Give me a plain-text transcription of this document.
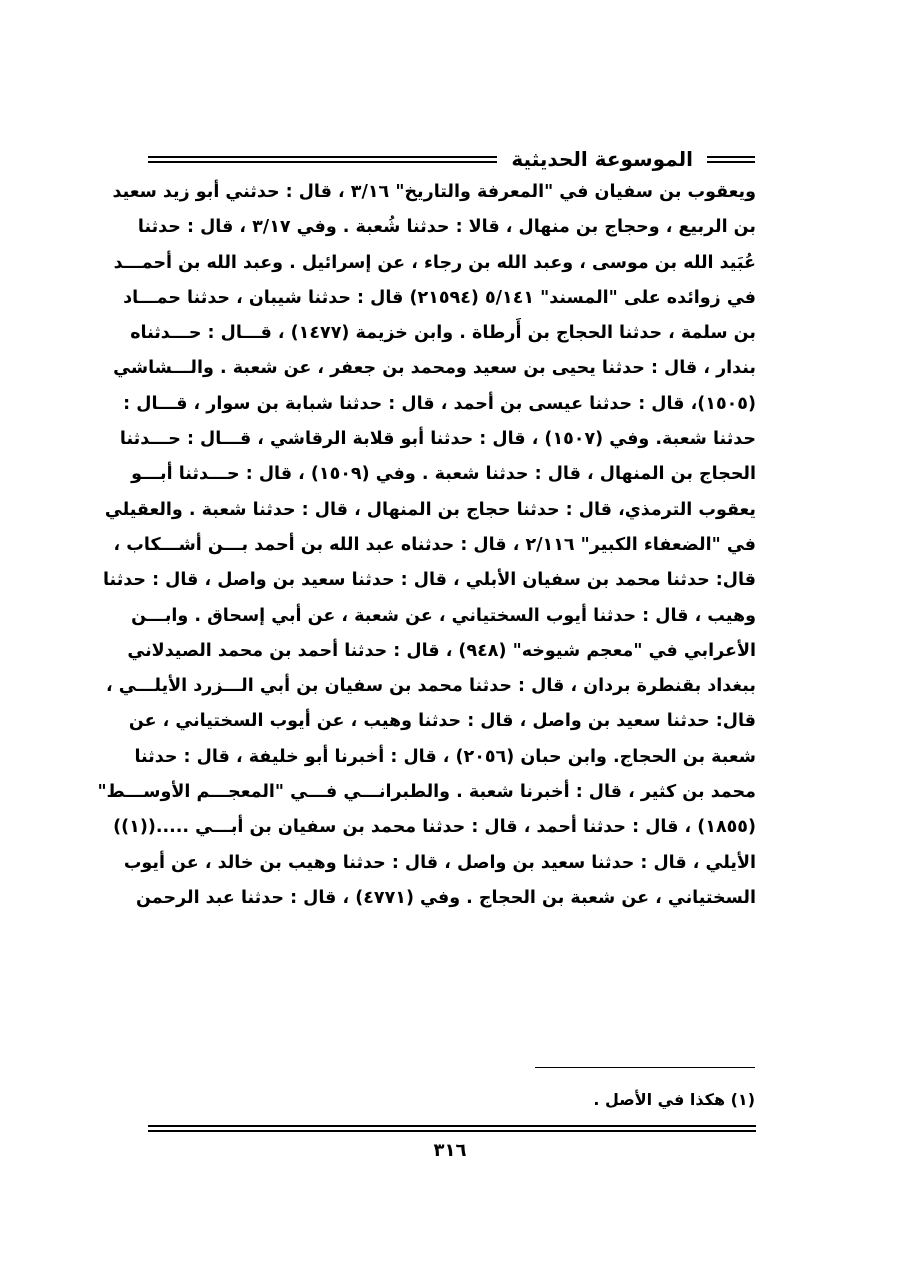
الموسوعة الحديثية
ويعقوب بن سفيان في "المعرفة والتاريخ" ٣/١٦ ، قال : حدثني أبو زيد سعيد
بن الربيع ، وحجاج بن منهال ، قالا : حدثنا شُعبة . وفي ٣/١٧ ، قال : حدثنا
عُبَيد الله بن موسى ، وعبد الله بن رجاء ، عن إسرائيل . وعبد الله بن أحمـــد
في زوائده على "المسند" ٥/١٤١ (٢١٥٩٤) قال : حدثنا شيبان ، حدثنا حمـــاد
بن سلمة ، حدثنا الحجاج بن أَرطاة . وابن خزيمة (١٤٧٧) ، قـــال : حـــدثناه
بندار ، قال : حدثنا يحيى بن سعيد ومحمد بن جعفر ، عن شعبة . والـــشاشي
(١٥٠٥)، قال : حدثنا عيسى بن أحمد ، قال : حدثنا شبابة بن سوار ، قـــال :
حدثنا شعبة. وفي (١٥٠٧) ، قال : حدثنا أبو قلابة الرقاشي ، قـــال : حـــدثنا
الحجاج بن المنهال ، قال : حدثنا شعبة . وفي (١٥٠٩) ، قال : حـــدثنا أبـــو
يعقوب الترمذي، قال : حدثنا حجاج بن المنهال ، قال : حدثنا شعبة . والعقيلي
في "الضعفاء الكبير" ٢/١١٦ ، قال : حدثناه عبد الله بن أحمد بـــن أشـــكاب ،
قال: حدثنا محمد بن سفيان الأبلي ، قال : حدثنا سعيد بن واصل ، قال : حدثنا
وهيب ، قال : حدثنا أيوب السختياني ، عن شعبة ، عن أبي إسحاق . وابـــن
الأعرابي في "معجم شيوخه" (٩٤٨) ، قال : حدثنا أحمد بن محمد الصيدلاني
ببغداد بقنطرة بردان ، قال : حدثنا محمد بن سفيان بن أبي الـــزرد الأيلـــي ،
قال: حدثنا سعيد بن واصل ، قال : حدثنا وهيب ، عن أيوب السختياني ، عن
شعبة بن الحجاج. وابن حبان (٢٠٥٦) ، قال : أخبرنا أبو خليفة ، قال : حدثنا
محمد بن كثير ، قال : أخبرنا شعبة . والطبرانـــي فـــي "المعجـــم الأوســـط"
(١٨٥٥) ، قال : حدثنا أحمد ، قال : حدثنا محمد بن سفيان بن أبـــي .....((١))
الأيلي ، قال : حدثنا سعيد بن واصل ، قال : حدثنا وهيب بن خالد ، عن أيوب
السختياني ، عن شعبة بن الحجاج . وفي (٤٧٧١) ، قال : حدثنا عبد الرحمن
(١) هكذا في الأصل .
٣١٦
